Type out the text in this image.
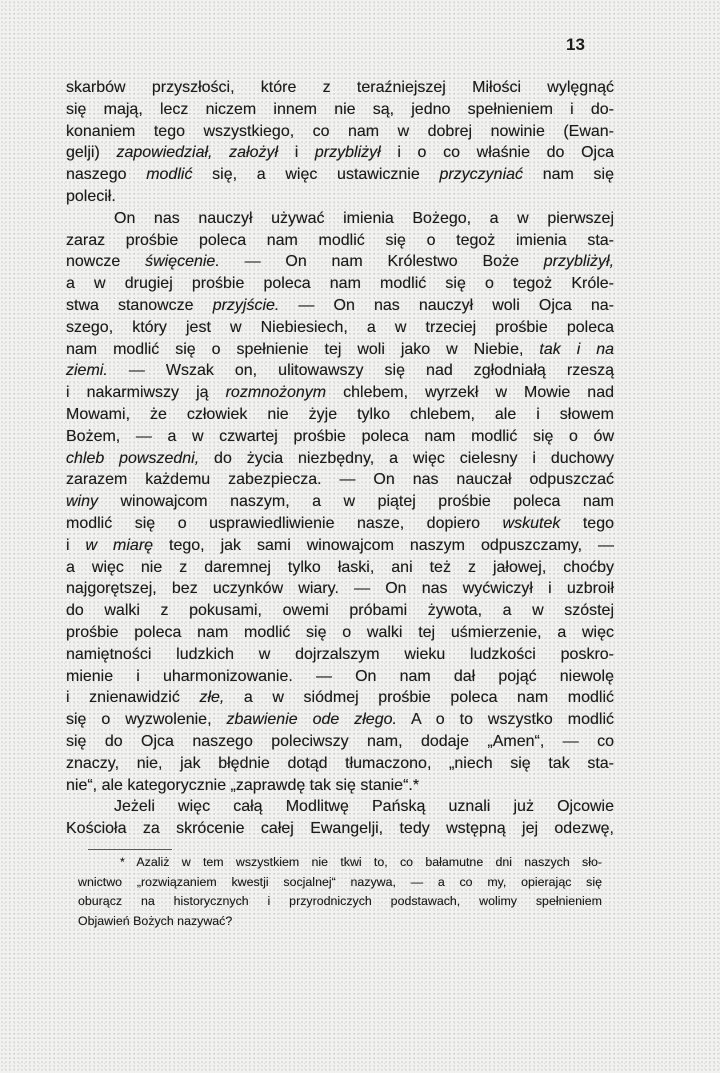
13
skarbów przyszłości, które z teraźniejszej Miłości wylęgnąć
się mają, lecz niczem innem nie są, jedno spełnieniem i do-
konaniem tego wszystkiego, co nam w dobrej nowinie (Ewan-
gelji) zapowiedział, założył i przybliżył i o co właśnie do Ojca
naszego modlić się, a więc ustawicznie przyczyniać nam się
polecił.
On nas nauczył używać imienia Bożego, a w pierwszej
zaraz prośbie poleca nam modlić się o tegoż imienia sta-
nowcze święcenie. — On nam Królestwo Boże przybliżył,
a w drugiej prośbie poleca nam modlić się o tegoż Króle-
stwa stanowcze przyjście. — On nas nauczył woli Ojca na-
szego, który jest w Niebiesiech, a w trzeciej prośbie poleca
nam modlić się o spełnienie tej woli jako w Niebie, tak i na
ziemi. — Wszak on, ulitowawszy się nad zgłodniałą rzeszą
i nakarmiwszy ją rozmnożonym chlebem, wyrzekł w Mowie nad
Mowami, że człowiek nie żyje tylko chlebem, ale i słowem
Bożem, — a w czwartej prośbie poleca nam modlić się o ów
chleb powszedni, do życia niezbędny, a więc cielesny i duchowy
zarazem każdemu zabezpiecza. — On nas nauczał odpuszczać
winy winowajcom naszym, a w piątej prośbie poleca nam
modlić się o usprawiedliwienie nasze, dopiero wskutek tego
i w miarę tego, jak sami winowajcom naszym odpuszczamy, —
a więc nie z daremnej tylko łaski, ani też z jałowej, choćby
najgorętszej, bez uczynków wiary. — On nas wyćwiczył i uzbroił
do walki z pokusami, owemi próbami żywota, a w szóstej
prośbie poleca nam modlić się o walki tej uśmierzenie, a więc
namiętności ludzkich w dojrzalszym wieku ludzkości poskro-
mienie i uharmonizowanie. — On nam dał pojąć niewolę
i znienawidzić złe, a w siódmej prośbie poleca nam modlić
się o wyzwolenie, zbawienie ode złego. A o to wszystko modlić
się do Ojca naszego poleciwszy nam, dodaje „Amen“, — co
znaczy, nie, jak błędnie dotąd tłumaczono, „niech się tak sta-
nie“, ale kategorycznie „zaprawdę tak się stanie“.*
Jeżeli więc całą Modlitwę Pańską uznali już Ojcowie
Kościoła za skrócenie całej Ewangelji, tedy wstępną jej odezwę,
* Azaliż w tem wszystkiem nie tkwi to, co bałamutne dni naszych sło-
wnictwo „rozwiązaniem kwestji socjalnej“ nazywa, — a co my, opierając się
oburącz na historycznych i przyrodniczych podstawach, wolimy spełnieniem
Objawień Bożych nazywać?
